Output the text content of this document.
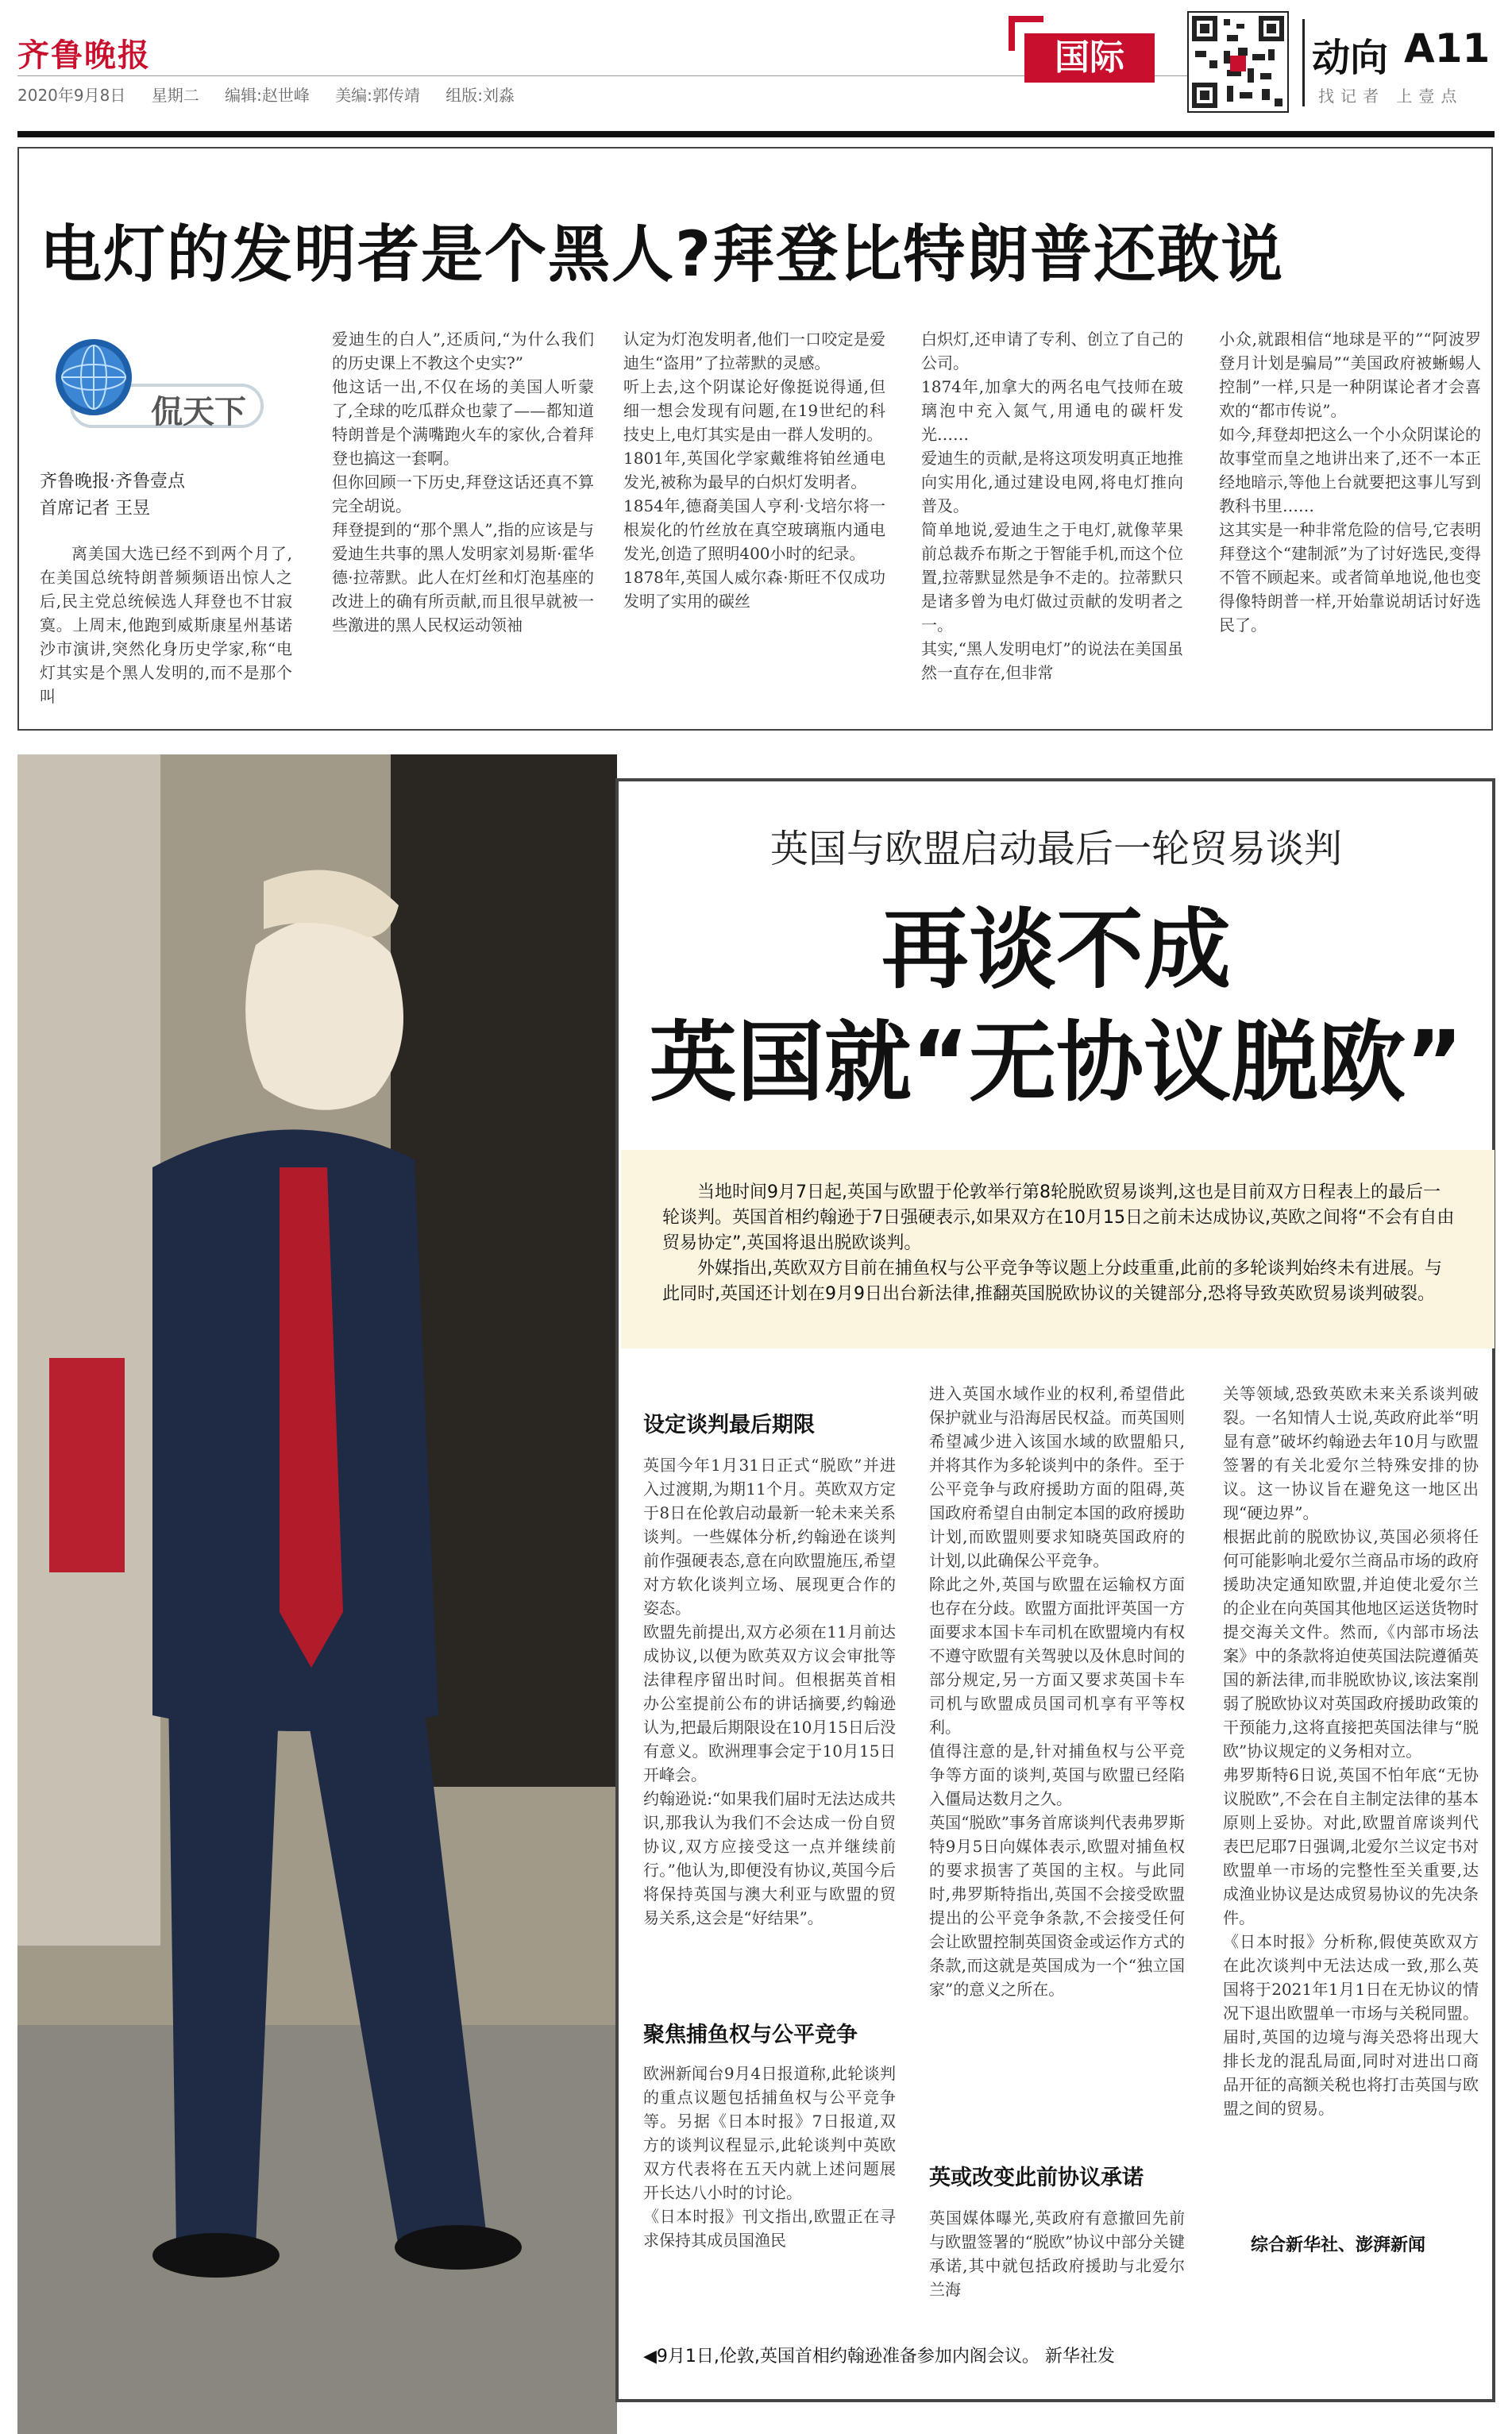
齐鲁晚报
2020年9月8日 星期二 编辑:赵世峰 美编:郭传靖 组版:刘淼
国际	动向 A11
找记者 上壹点
电灯的发明者是个黑人?拜登比特朗普还敢说
侃天下
齐鲁晚报·齐鲁壹点
首席记者 王昱
离美国大选已经不到两个月了,在美国总统特朗普频频语出惊人之后,民主党总统候选人拜登也不甘寂寞。上周末,他跑到威斯康星州基诺沙市演讲,突然化身历史学家,称“电灯其实是个黑人发明的,而不是那个叫
爱迪生的白人”,还质问,“为什么我们的历史课上不教这个史实?”
他这话一出,不仅在场的美国人听蒙了,全球的吃瓜群众也蒙了——都知道特朗普是个满嘴跑火车的家伙,合着拜登也搞这一套啊。
但你回顾一下历史,拜登这话还真不算完全胡说。
拜登提到的“那个黑人”,指的应该是与爱迪生共事的黑人发明家刘易斯·霍华德·拉蒂默。此人在灯丝和灯泡基座的改进上的确有所贡献,而且很早就被一些激进的黑人民权运动领袖
认定为灯泡发明者,他们一口咬定是爱迪生“盗用”了拉蒂默的灵感。
听上去,这个阴谋论好像挺说得通,但细一想会发现有问题,在19世纪的科技史上,电灯其实是由一群人发明的。
1801年,英国化学家戴维将铂丝通电发光,被称为最早的白炽灯发明者。
1854年,德裔美国人亨利·戈培尔将一根炭化的竹丝放在真空玻璃瓶内通电发光,创造了照明400小时的纪录。
1878年,英国人威尔森·斯旺不仅成功发明了实用的碳丝
白炽灯,还申请了专利、创立了自己的公司。
1874年,加拿大的两名电气技师在玻璃泡中充入氮气,用通电的碳杆发光……
爱迪生的贡献,是将这项发明真正地推向实用化,通过建设电网,将电灯推向普及。
简单地说,爱迪生之于电灯,就像苹果前总裁乔布斯之于智能手机,而这个位置,拉蒂默显然是争不走的。拉蒂默只是诸多曾为电灯做过贡献的发明者之一。
其实,“黑人发明电灯”的说法在美国虽然一直存在,但非常
小众,就跟相信“地球是平的”“阿波罗登月计划是骗局”“美国政府被蜥蜴人控制”一样,只是一种阴谋论者才会喜欢的“都市传说”。
如今,拜登却把这么一个小众阴谋论的故事堂而皇之地讲出来了,还不一本正经地暗示,等他上台就要把这事儿写到教科书里……
这其实是一种非常危险的信号,它表明拜登这个“建制派”为了讨好选民,变得不管不顾起来。或者简单地说,他也变得像特朗普一样,开始靠说胡话讨好选民了。
英国与欧盟启动最后一轮贸易谈判
再谈不成
英国就“无协议脱欧”

当地时间9月7日起,英国与欧盟于伦敦举行第8轮脱欧贸易谈判,这也是目前双方日程表上的最后一轮谈判。英国首相约翰逊于7日强硬表示,如果双方在10月15日之前未达成协议,英欧之间将“不会有自由贸易协定”,英国将退出脱欧谈判。

外媒指出,英欧双方目前在捕鱼权与公平竞争等议题上分歧重重,此前的多轮谈判始终未有进展。与此同时,英国还计划在9月9日出台新法律,推翻英国脱欧协议的关键部分,恐将导致英欧贸易谈判破裂。

设定谈判最后期限
英国今年1月31日正式“脱欧”并进入过渡期,为期11个月。英欧双方定于8日在伦敦启动最新一轮未来关系谈判。一些媒体分析,约翰逊在谈判前作强硬表态,意在向欧盟施压,希望对方软化谈判立场、展现更合作的姿态。
欧盟先前提出,双方必须在11月前达成协议,以便为欧英双方议会审批等法律程序留出时间。但根据英首相办公室提前公布的讲话摘要,约翰逊认为,把最后期限设在10月15日后没有意义。欧洲理事会定于10月15日开峰会。
约翰逊说:“如果我们届时无法达成共识,那我认为我们不会达成一份自贸协议,双方应接受这一点并继续前行。”他认为,即便没有协议,英国今后将保持英国与澳大利亚与欧盟的贸易关系,这会是“好结果”。
聚焦捕鱼权与公平竞争
欧洲新闻台9月4日报道称,此轮谈判的重点议题包括捕鱼权与公平竞争等。另据《日本时报》7日报道,双方的谈判议程显示,此轮谈判中英欧双方代表将在五天内就上述问题展开长达八小时的讨论。
《日本时报》刊文指出,欧盟正在寻求保持其成员国渔民
进入英国水域作业的权利,希望借此保护就业与沿海居民权益。而英国则希望减少进入该国水域的欧盟船只,并将其作为多轮谈判中的条件。至于公平竞争与政府援助方面的阻碍,英国政府希望自由制定本国的政府援助计划,而欧盟则要求知晓英国政府的计划,以此确保公平竞争。
除此之外,英国与欧盟在运输权方面也存在分歧。欧盟方面批评英国一方面要求本国卡车司机在欧盟境内有权不遵守欧盟有关驾驶以及休息时间的部分规定,另一方面又要求英国卡车司机与欧盟成员国司机享有平等权利。
值得注意的是,针对捕鱼权与公平竞争等方面的谈判,英国与欧盟已经陷入僵局达数月之久。
英国“脱欧”事务首席谈判代表弗罗斯特9月5日向媒体表示,欧盟对捕鱼权的要求损害了英国的主权。与此同时,弗罗斯特指出,英国不会接受欧盟提出的公平竞争条款,不会接受任何会让欧盟控制英国资金或运作方式的条款,而这就是英国成为一个“独立国家”的意义之所在。
英或改变此前协议承诺
英国媒体曝光,英政府有意撤回先前与欧盟签署的“脱欧”协议中部分关键承诺,其中就包括政府援助与北爱尔兰海
关等领域,恐致英欧未来关系谈判破裂。一名知情人士说,英政府此举“明显有意”破坏约翰逊去年10月与欧盟签署的有关北爱尔兰特殊安排的协议。这一协议旨在避免这一地区出现“硬边界”。
根据此前的脱欧协议,英国必须将任何可能影响北爱尔兰商品市场的政府援助决定通知欧盟,并迫使北爱尔兰的企业在向英国其他地区运送货物时提交海关文件。然而,《内部市场法案》中的条款将迫使英国法院遵循英国的新法律,而非脱欧协议,该法案削弱了脱欧协议对英国政府援助政策的干预能力,这将直接把英国法律与“脱欧”协议规定的义务相对立。
弗罗斯特6日说,英国不怕年底“无协议脱欧”,不会在自主制定法律的基本原则上妥协。对此,欧盟首席谈判代表巴尼耶7日强调,北爱尔兰议定书对欧盟单一市场的完整性至关重要,达成渔业协议是达成贸易协议的先决条件。
《日本时报》分析称,假使英欧双方在此次谈判中无法达成一致,那么英国将于2021年1月1日在无协议的情况下退出欧盟单一市场与关税同盟。届时,英国的边境与海关恐将出现大排长龙的混乱局面,同时对进出口商品开征的高额关税也将打击英国与欧盟之间的贸易。
综合新华社、澎湃新闻
◀9月1日,伦敦,英国首相约翰逊准备参加内阁会议。 新华社发
